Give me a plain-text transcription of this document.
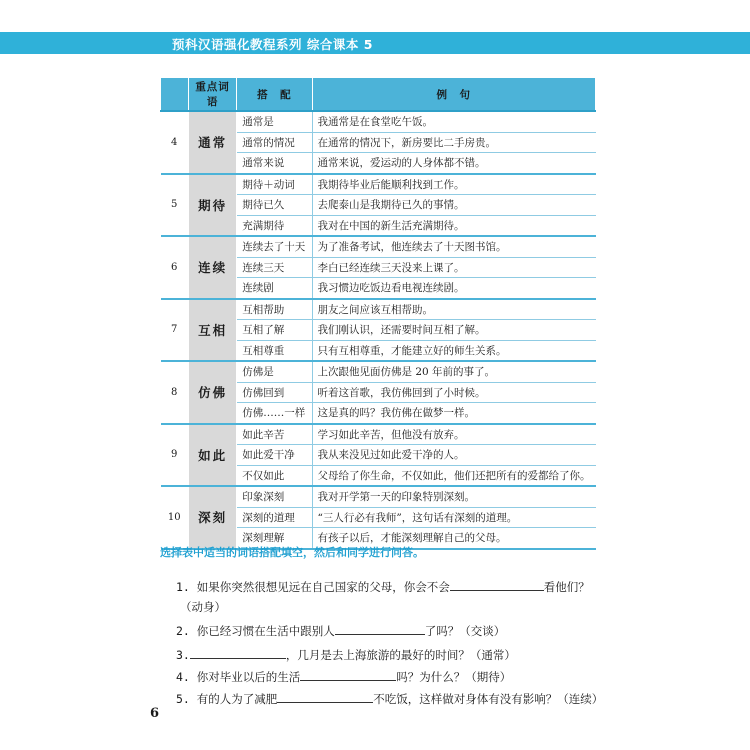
预科汉语强化教程系列 综合课本 5
	重点词语	搭　配	例　句
4	通常	通常是	我通常是在食堂吃午饭。
		通常的情况	在通常的情况下，新房要比二手房贵。
		通常来说	通常来说，爱运动的人身体都不错。
5	期待	期待＋动词	我期待毕业后能顺利找到工作。
		期待已久	去爬泰山是我期待已久的事情。
		充满期待	我对在中国的新生活充满期待。
6	连续	连续去了十天	为了准备考试，他连续去了十天图书馆。
		连续三天	李白已经连续三天没来上课了。
		连续剧	我习惯边吃饭边看电视连续剧。
7	互相	互相帮助	朋友之间应该互相帮助。
		互相了解	我们刚认识，还需要时间互相了解。
		互相尊重	只有互相尊重，才能建立好的师生关系。
8	仿佛	仿佛是	上次跟他见面仿佛是 20 年前的事了。
		仿佛回到	听着这首歌，我仿佛回到了小时候。
		仿佛……一样	这是真的吗？我仿佛在做梦一样。
9	如此	如此辛苦	学习如此辛苦，但他没有放弃。
		如此爱干净	我从来没见过如此爱干净的人。
		不仅如此	父母给了你生命，不仅如此，他们还把所有的爱都给了你。
10	深刻	印象深刻	我对开学第一天的印象特别深刻。
		深刻的道理	“三人行必有我师”，这句话有深刻的道理。
		深刻理解	有孩子以后，才能深刻理解自己的父母。
选择表中适当的词语搭配填空，然后和同学进行问答。
1. 如果你突然很想见远在自己国家的父母，你会不会	看他们？
（动身）
2. 你已经习惯在生活中跟别人	了吗？（交谈）
3.	，几月是去上海旅游的最好的时间？（通常）
4. 你对毕业以后的生活	吗？为什么？（期待）
5. 有的人为了减肥	不吃饭，这样做对身体有没有影响？（连续）
6
